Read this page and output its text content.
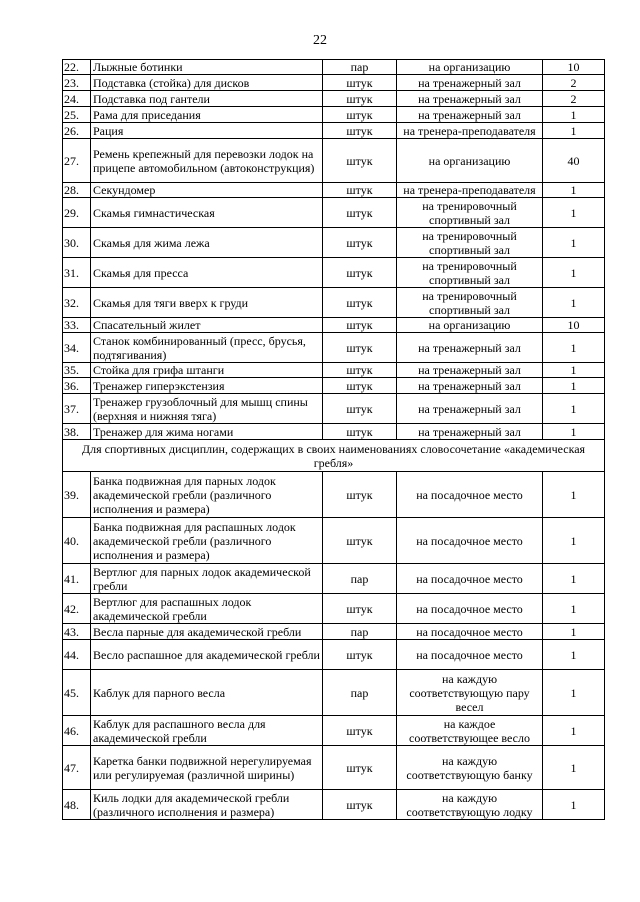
22
22.	Лыжные ботинки	пар	на организацию	10
23.	Подставка (стойка) для дисков	штук	на тренажерный зал	2
24.	Подставка под гантели	штук	на тренажерный зал	2
25.	Рама для приседания	штук	на тренажерный зал	1
26.	Рация	штук	на тренера-преподавателя	1
27.	Ремень крепежный для перевозки лодок на прицепе автомобильном (автоконструкция)	штук	на организацию	40
28.	Секундомер	штук	на тренера-преподавателя	1
29.	Скамья гимнастическая	штук	на тренировочный спортивный зал	1
30.	Скамья для жима лежа	штук	на тренировочный спортивный зал	1
31.	Скамья для пресса	штук	на тренировочный спортивный зал	1
32.	Скамья для тяги вверх к груди	штук	на тренировочный спортивный зал	1
33.	Спасательный жилет	штук	на организацию	10
34.	Станок комбинированный (пресс, брусья, подтягивания)	штук	на тренажерный зал	1
35.	Стойка для грифа штанги	штук	на тренажерный зал	1
36.	Тренажер гиперэкстензия	штук	на тренажерный зал	1
37.	Тренажер грузоблочный для мышц спины (верхняя и нижняя тяга)	штук	на тренажерный зал	1
38.	Тренажер для жима ногами	штук	на тренажерный зал	1
Для спортивных дисциплин, содержащих в своих наименованиях словосочетание «академическая гребля»				
39.	Банка подвижная для парных лодок академической гребли (различного исполнения и размера)	штук	на посадочное место	1
40.	Банка подвижная для распашных лодок академической гребли (различного исполнения и размера)	штук	на посадочное место	1
41.	Вертлюг для парных лодок академической гребли	пар	на посадочное место	1
42.	Вертлюг для распашных лодок академической гребли	штук	на посадочное место	1
43.	Весла парные для академической гребли	пар	на посадочное место	1
44.	Весло распашное для академической гребли	штук	на посадочное место	1
45.	Каблук для парного весла	пар	на каждую соответствующую пару весел	1
46.	Каблук для распашного весла для академической гребли	штук	на каждое соответствующее весло	1
47.	Каретка банки подвижной нерегулируемая или регулируемая (различной ширины)	штук	на каждую соответствующую банку	1
48.	Киль лодки для академической гребли (различного исполнения и размера)	штук	на каждую соответствующую лодку	1
